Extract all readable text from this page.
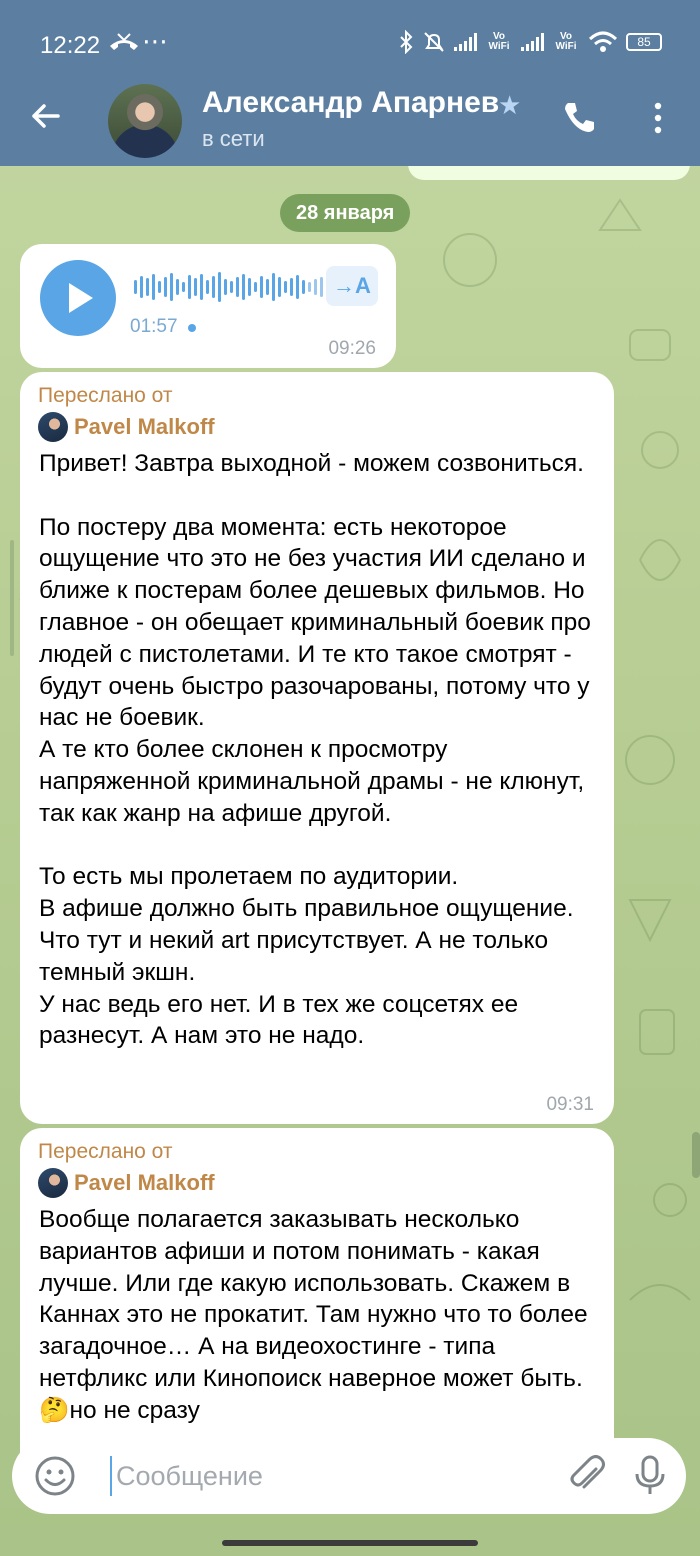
28 января
→A
01:57
09:26
Переслано от
Pavel Malkoff
Привет! Завтра выходной - можем созвониться.

По постеру два момента: есть некоторое ощущение что это не без участия ИИ сделано и ближе к постерам более дешевых фильмов. Но главное - он обещает криминальный боевик про людей с пистолетами. И те кто такое смотрят - будут очень быстро разочарованы, потому что у нас не боевик.
А те кто более склонен к просмотру напряженной криминальной драмы - не клюнут, так как жанр на афише другой.

То есть мы пролетаем по аудитории.
В афише должно быть правильное ощущение. Что тут и некий art присутствует. А не только темный экшн.
У нас ведь его нет. И в тех же соцсетях ее разнесут. А нам это не надо.
09:31
Переслано от
Pavel Malkoff
Вообще полагается заказывать несколько вариантов афиши и потом понимать - какая лучше. Или где какую использовать. Скажем в Каннах это не прокатит. Там нужно что то более загадочное… А на видеохостинге - типа нетфликс или Кинопоиск наверное может быть. 🤔но не сразу
12:22 ⋯	Vo WiFi
Vo WiFi	85
Александр Апарнев
★
в сети
Сообщение
